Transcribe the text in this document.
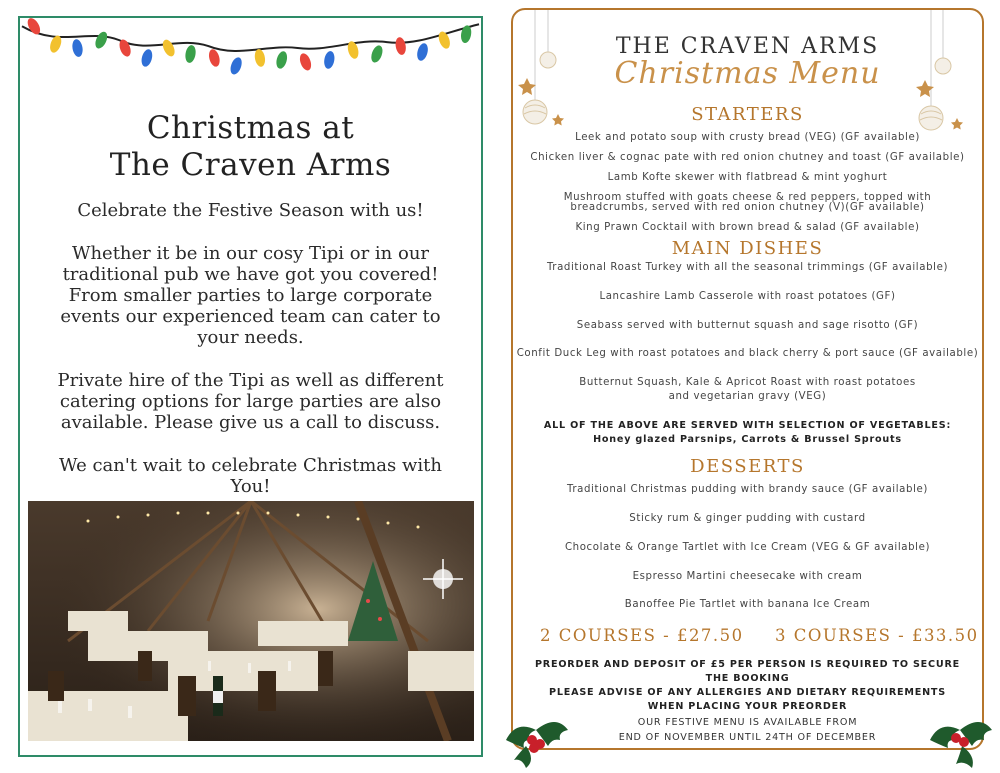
Christmas at
The Craven Arms

Celebrate the Festive Season with us!

Whether it be in our cosy Tipi or in our traditional pub we have got you covered! From smaller parties to large corporate events our experienced team can cater to your needs.

Private hire of the Tipi as well as different catering options for large parties are also available. Please give us a call to discuss.

We can't wait to celebrate Christmas with You!

THE CRAVEN ARMS
Christmas Menu
STARTERS
Leek and potato soup with crusty bread (VEG) (GF available)
Chicken liver & cognac pate with red onion chutney and toast (GF available)
Lamb Kofte skewer with flatbread & mint yoghurt
Mushroom stuffed with goats cheese & red peppers, topped with
breadcrumbs, served with red onion chutney (V)(GF available)
King Prawn Cocktail with brown bread & salad (GF available)
MAIN DISHES
Traditional Roast Turkey with all the seasonal trimmings (GF available)
Lancashire Lamb Casserole with roast potatoes (GF)
Seabass served with butternut squash and sage risotto (GF)
Confit Duck Leg with roast potatoes and black cherry & port sauce (GF available)
Butternut Squash, Kale & Apricot Roast with roast potatoes
and vegetarian gravy (VEG)
ALL OF THE ABOVE ARE SERVED WITH SELECTION OF VEGETABLES:
Honey glazed Parsnips, Carrots & Brussel Sprouts
DESSERTS
Traditional Christmas pudding with brandy sauce (GF available)
Sticky rum & ginger pudding with custard
Chocolate & Orange Tartlet with Ice Cream (VEG & GF available)
Espresso Martini cheesecake with cream
Banoffee Pie Tartlet with banana Ice Cream
2 COURSES - £27.50 3 COURSES - £33.50
PREORDER AND DEPOSIT OF £5 PER PERSON IS REQUIRED TO SECURE
THE BOOKING
PLEASE ADVISE OF ANY ALLERGIES AND DIETARY REQUIREMENTS
WHEN PLACING YOUR PREORDER
OUR FESTIVE MENU IS AVAILABLE FROM
END OF NOVEMBER UNTIL 24TH OF DECEMBER
